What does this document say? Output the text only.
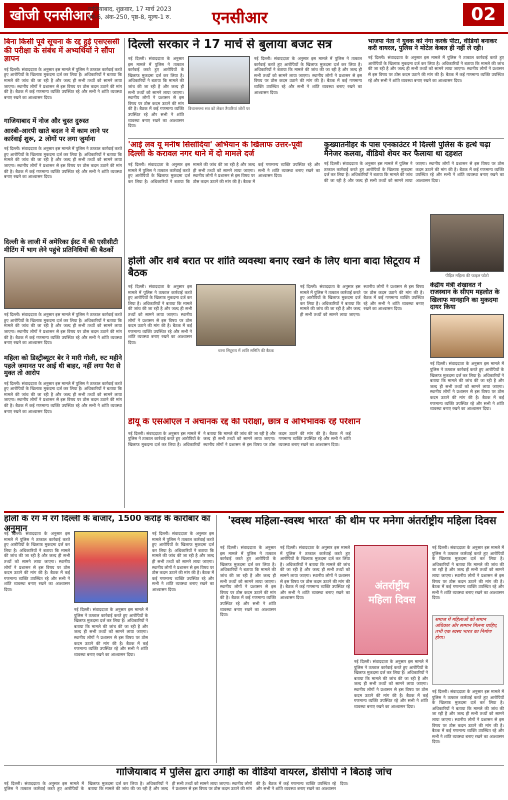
खोजी एनसीआर
गाजियाबाद, शुक्रवार, 17 मार्च 2023
वर्ष-6, अंक-250, पृष्ठ-8, मूल्य-1 रु.	एनसीआर	02
बिना किसी पूर्व सूचना के रद्द हुई एसएससी की परीक्षा के संबंध में अभ्यर्थियों ने सौंपा ज्ञापन
नई दिल्ली। संवाददाता के अनुसार इस मामले में पुलिस ने तत्काल कार्रवाई करते हुए आरोपियों के खिलाफ मुकदमा दर्ज कर लिया है। अधिकारियों ने बताया कि मामले की जांच की जा रही है और जल्द ही सभी तथ्यों को सामने लाया जाएगा। स्थानीय लोगों ने प्रशासन से इस विषय पर ठोस कदम उठाने की मांग की है। बैठक में कई गणमान्य व्यक्ति उपस्थित रहे और सभी ने शांति व्यवस्था बनाए रखने का आश्वासन दिया।
गाजियाबाद में नोज और चुस्त दुरुस्त
आरबी-आरपी खाते बदल ने में काम लाने पर कार्रवाई शुरू, 2 लोगों पर लगा जुर्माना
नई दिल्ली। संवाददाता के अनुसार इस मामले में पुलिस ने तत्काल कार्रवाई करते हुए आरोपियों के खिलाफ मुकदमा दर्ज कर लिया है। अधिकारियों ने बताया कि मामले की जांच की जा रही है और जल्द ही सभी तथ्यों को सामने लाया जाएगा। स्थानीय लोगों ने प्रशासन से इस विषय पर ठोस कदम उठाने की मांग की है। बैठक में कई गणमान्य व्यक्ति उपस्थित रहे और सभी ने शांति व्यवस्था बनाए रखने का आश्वासन दिया।
दिल्ली के लाजी में अमेरिका ईस्ट में की एसीसीटी मीटिंग में भाग लेने पहुंचे प्रतिनिधियों की बैठकों
नई दिल्ली। संवाददाता के अनुसार इस मामले में पुलिस ने तत्काल कार्रवाई करते हुए आरोपियों के खिलाफ मुकदमा दर्ज कर लिया है। अधिकारियों ने बताया कि मामले की जांच की जा रही है और जल्द ही सभी तथ्यों को सामने लाया जाएगा। स्थानीय लोगों ने प्रशासन से इस विषय पर ठोस कदम उठाने की मांग की है। बैठक में कई गणमान्य व्यक्ति उपस्थित रहे और सभी ने शांति व्यवस्था बनाए रखने का आश्वासन दिया।
महिला को डिस्ट्रीब्यूटर बेर ने मारी गोली, रुट महीने पहले जमानत पर आई थी बाहर, नहीं लगा पैरा से मुक्त तो आरोप
नई दिल्ली। संवाददाता के अनुसार इस मामले में पुलिस ने तत्काल कार्रवाई करते हुए आरोपियों के खिलाफ मुकदमा दर्ज कर लिया है। अधिकारियों ने बताया कि मामले की जांच की जा रही है और जल्द ही सभी तथ्यों को सामने लाया जाएगा। स्थानीय लोगों ने प्रशासन से इस विषय पर ठोस कदम उठाने की मांग की है। बैठक में कई गणमान्य व्यक्ति उपस्थित रहे और सभी ने शांति व्यवस्था बनाए रखने का आश्वासन दिया।
दिल्ली सरकार ने 17 मार्च से बुलाया बजट सत्र
नई दिल्ली। संवाददाता के अनुसार इस मामले में पुलिस ने तत्काल कार्रवाई करते हुए आरोपियों के खिलाफ मुकदमा दर्ज कर लिया है। अधिकारियों ने बताया कि मामले की जांच की जा रही है और जल्द ही सभी तथ्यों को सामने लाया जाएगा। स्थानीय लोगों ने प्रशासन से इस विषय पर ठोस कदम उठाने की मांग की है। बैठक में कई गणमान्य व्यक्ति उपस्थित रहे और सभी ने शांति व्यवस्था बनाए रखने का आश्वासन दिया।
विधानसभा सत्र को लेकर तैयारियां जोरों पर
नई दिल्ली। संवाददाता के अनुसार इस मामले में पुलिस ने तत्काल कार्रवाई करते हुए आरोपियों के खिलाफ मुकदमा दर्ज कर लिया है। अधिकारियों ने बताया कि मामले की जांच की जा रही है और जल्द ही सभी तथ्यों को सामने लाया जाएगा। स्थानीय लोगों ने प्रशासन से इस विषय पर ठोस कदम उठाने की मांग की है। बैठक में कई गणमान्य व्यक्ति उपस्थित रहे और सभी ने शांति व्यवस्था बनाए रखने का आश्वासन दिया।
भाजपा नेता ने युवक को नंगा करके पीटा, वीडियो बनाकर करी वायरल, पुलिस ने मोटेल केबल ही नहीं ले रही।
नई दिल्ली। संवाददाता के अनुसार इस मामले में पुलिस ने तत्काल कार्रवाई करते हुए आरोपियों के खिलाफ मुकदमा दर्ज कर लिया है। अधिकारियों ने बताया कि मामले की जांच की जा रही है और जल्द ही सभी तथ्यों को सामने लाया जाएगा। स्थानीय लोगों ने प्रशासन से इस विषय पर ठोस कदम उठाने की मांग की है। बैठक में कई गणमान्य व्यक्ति उपस्थित रहे और सभी ने शांति व्यवस्था बनाए रखने का आश्वासन दिया।
'आई लव यू मनीष सिसोदिया' अभियान के खिलाफ उत्तर-पूर्वी दिल्ली के करावल नगर थाने में दो मामले दर्ज
नई दिल्ली। संवाददाता के अनुसार इस मामले में पुलिस ने तत्काल कार्रवाई करते हुए आरोपियों के खिलाफ मुकदमा दर्ज कर लिया है। अधिकारियों ने बताया कि मामले की जांच की जा रही है और जल्द ही सभी तथ्यों को सामने लाया जाएगा। स्थानीय लोगों ने प्रशासन से इस विषय पर ठोस कदम उठाने की मांग की है। बैठक में कई गणमान्य व्यक्ति उपस्थित रहे और सभी ने शांति व्यवस्था बनाए रखने का आश्वासन दिया।
कुख्यातनीहर के पास एनकाउंटर में दिल्ली पुलिस के हत्थे चढ़ा मैनेजर कलवा, वीडियो शेयर कर फैलाया था दहशत
नई दिल्ली। संवाददाता के अनुसार इस मामले में पुलिस ने तत्काल कार्रवाई करते हुए आरोपियों के खिलाफ मुकदमा दर्ज कर लिया है। अधिकारियों ने बताया कि मामले की जांच की जा रही है और जल्द ही सभी तथ्यों को सामने लाया जाएगा। स्थानीय लोगों ने प्रशासन से इस विषय पर ठोस कदम उठाने की मांग की है। बैठक में कई गणमान्य व्यक्ति उपस्थित रहे और सभी ने शांति व्यवस्था बनाए रखने का आश्वासन दिया।
पीड़ित महिला की फाइल फोटो
केंद्रीय मंत्री शेखावत ने राजस्थान के सीएम महलोत के खिलाफ मानहानि का मुकदमा दायर किया
नई दिल्ली। संवाददाता के अनुसार इस मामले में पुलिस ने तत्काल कार्रवाई करते हुए आरोपियों के खिलाफ मुकदमा दर्ज कर लिया है। अधिकारियों ने बताया कि मामले की जांच की जा रही है और जल्द ही सभी तथ्यों को सामने लाया जाएगा। स्थानीय लोगों ने प्रशासन से इस विषय पर ठोस कदम उठाने की मांग की है। बैठक में कई गणमान्य व्यक्ति उपस्थित रहे और सभी ने शांति व्यवस्था बनाए रखने का आश्वासन दिया।
होली और शबे बरात पर शांति व्यवस्था बनाए रखने के लिए थाना बादा सिटूराय में बैठक
नई दिल्ली। संवाददाता के अनुसार इस मामले में पुलिस ने तत्काल कार्रवाई करते हुए आरोपियों के खिलाफ मुकदमा दर्ज कर लिया है। अधिकारियों ने बताया कि मामले की जांच की जा रही है और जल्द ही सभी तथ्यों को सामने लाया जाएगा। स्थानीय लोगों ने प्रशासन से इस विषय पर ठोस कदम उठाने की मांग की है। बैठक में कई गणमान्य व्यक्ति उपस्थित रहे और सभी ने शांति व्यवस्था बनाए रखने का आश्वासन दिया।
थाना सिटूराय में शांति समिति की बैठक
नई दिल्ली। संवाददाता के अनुसार इस मामले में पुलिस ने तत्काल कार्रवाई करते हुए आरोपियों के खिलाफ मुकदमा दर्ज कर लिया है। अधिकारियों ने बताया कि मामले की जांच की जा रही है और जल्द ही सभी तथ्यों को सामने लाया जाएगा। स्थानीय लोगों ने प्रशासन से इस विषय पर ठोस कदम उठाने की मांग की है। बैठक में कई गणमान्य व्यक्ति उपस्थित रहे और सभी ने शांति व्यवस्था बनाए रखने का आश्वासन दिया।
डीयू के एसओएल ने अचानक रद्द की परीक्षा, छात्र व अभिभावक रहे परेशान
नई दिल्ली। संवाददाता के अनुसार इस मामले में पुलिस ने तत्काल कार्रवाई करते हुए आरोपियों के खिलाफ मुकदमा दर्ज कर लिया है। अधिकारियों ने बताया कि मामले की जांच की जा रही है और जल्द ही सभी तथ्यों को सामने लाया जाएगा। स्थानीय लोगों ने प्रशासन से इस विषय पर ठोस कदम उठाने की मांग की है। बैठक में कई गणमान्य व्यक्ति उपस्थित रहे और सभी ने शांति व्यवस्था बनाए रखने का आश्वासन दिया।
होली के रंग में रंगे दिल्ली के बाजार, 1500 करोड़ के कारोबार का अनुमान
नई दिल्ली। संवाददाता के अनुसार इस मामले में पुलिस ने तत्काल कार्रवाई करते हुए आरोपियों के खिलाफ मुकदमा दर्ज कर लिया है। अधिकारियों ने बताया कि मामले की जांच की जा रही है और जल्द ही सभी तथ्यों को सामने लाया जाएगा। स्थानीय लोगों ने प्रशासन से इस विषय पर ठोस कदम उठाने की मांग की है। बैठक में कई गणमान्य व्यक्ति उपस्थित रहे और सभी ने शांति व्यवस्था बनाए रखने का आश्वासन दिया।
नई दिल्ली। संवाददाता के अनुसार इस मामले में पुलिस ने तत्काल कार्रवाई करते हुए आरोपियों के खिलाफ मुकदमा दर्ज कर लिया है। अधिकारियों ने बताया कि मामले की जांच की जा रही है और जल्द ही सभी तथ्यों को सामने लाया जाएगा। स्थानीय लोगों ने प्रशासन से इस विषय पर ठोस कदम उठाने की मांग की है। बैठक में कई गणमान्य व्यक्ति उपस्थित रहे और सभी ने शांति व्यवस्था बनाए रखने का आश्वासन दिया।
नई दिल्ली। संवाददाता के अनुसार इस मामले में पुलिस ने तत्काल कार्रवाई करते हुए आरोपियों के खिलाफ मुकदमा दर्ज कर लिया है। अधिकारियों ने बताया कि मामले की जांच की जा रही है और जल्द ही सभी तथ्यों को सामने लाया जाएगा। स्थानीय लोगों ने प्रशासन से इस विषय पर ठोस कदम उठाने की मांग की है। बैठक में कई गणमान्य व्यक्ति उपस्थित रहे और सभी ने शांति व्यवस्था बनाए रखने का आश्वासन दिया।
'स्वस्थ महिला-स्वस्थ भारत' की थीम पर मनेगा अंतर्राष्ट्रीय महिला दिवस
नई दिल्ली। संवाददाता के अनुसार इस मामले में पुलिस ने तत्काल कार्रवाई करते हुए आरोपियों के खिलाफ मुकदमा दर्ज कर लिया है। अधिकारियों ने बताया कि मामले की जांच की जा रही है और जल्द ही सभी तथ्यों को सामने लाया जाएगा। स्थानीय लोगों ने प्रशासन से इस विषय पर ठोस कदम उठाने की मांग की है। बैठक में कई गणमान्य व्यक्ति उपस्थित रहे और सभी ने शांति व्यवस्था बनाए रखने का आश्वासन दिया।
नई दिल्ली। संवाददाता के अनुसार इस मामले में पुलिस ने तत्काल कार्रवाई करते हुए आरोपियों के खिलाफ मुकदमा दर्ज कर लिया है। अधिकारियों ने बताया कि मामले की जांच की जा रही है और जल्द ही सभी तथ्यों को सामने लाया जाएगा। स्थानीय लोगों ने प्रशासन से इस विषय पर ठोस कदम उठाने की मांग की है। बैठक में कई गणमान्य व्यक्ति उपस्थित रहे और सभी ने शांति व्यवस्था बनाए रखने का आश्वासन दिया।
अंतर्राष्ट्रीय महिला दिवस
नई दिल्ली। संवाददाता के अनुसार इस मामले में पुलिस ने तत्काल कार्रवाई करते हुए आरोपियों के खिलाफ मुकदमा दर्ज कर लिया है। अधिकारियों ने बताया कि मामले की जांच की जा रही है और जल्द ही सभी तथ्यों को सामने लाया जाएगा। स्थानीय लोगों ने प्रशासन से इस विषय पर ठोस कदम उठाने की मांग की है। बैठक में कई गणमान्य व्यक्ति उपस्थित रहे और सभी ने शांति व्यवस्था बनाए रखने का आश्वासन दिया।
नई दिल्ली। संवाददाता के अनुसार इस मामले में पुलिस ने तत्काल कार्रवाई करते हुए आरोपियों के खिलाफ मुकदमा दर्ज कर लिया है। अधिकारियों ने बताया कि मामले की जांच की जा रही है और जल्द ही सभी तथ्यों को सामने लाया जाएगा। स्थानीय लोगों ने प्रशासन से इस विषय पर ठोस कदम उठाने की मांग की है। बैठक में कई गणमान्य व्यक्ति उपस्थित रहे और सभी ने शांति व्यवस्था बनाए रखने का आश्वासन दिया।
समाज में महिलाओं को समान अधिकार और सम्मान मिलना चाहिए, तभी एक स्वस्थ भारत का निर्माण होगा।
नई दिल्ली। संवाददाता के अनुसार इस मामले में पुलिस ने तत्काल कार्रवाई करते हुए आरोपियों के खिलाफ मुकदमा दर्ज कर लिया है। अधिकारियों ने बताया कि मामले की जांच की जा रही है और जल्द ही सभी तथ्यों को सामने लाया जाएगा। स्थानीय लोगों ने प्रशासन से इस विषय पर ठोस कदम उठाने की मांग की है। बैठक में कई गणमान्य व्यक्ति उपस्थित रहे और सभी ने शांति व्यवस्था बनाए रखने का आश्वासन दिया।
गाजियाबाद में पुलिस द्वारा उगाही का वीडियो वायरल, डीसीपी ने बिठाई जांच
नई दिल्ली। संवाददाता के अनुसार इस मामले में पुलिस ने तत्काल कार्रवाई करते हुए आरोपियों के खिलाफ मुकदमा दर्ज कर लिया है। अधिकारियों ने बताया कि मामले की जांच की जा रही है और जल्द ही सभी तथ्यों को सामने लाया जाएगा। स्थानीय लोगों ने प्रशासन से इस विषय पर ठोस कदम उठाने की मांग की है। बैठक में कई गणमान्य व्यक्ति उपस्थित रहे और सभी ने शांति व्यवस्था बनाए रखने का आश्वासन दिया।
